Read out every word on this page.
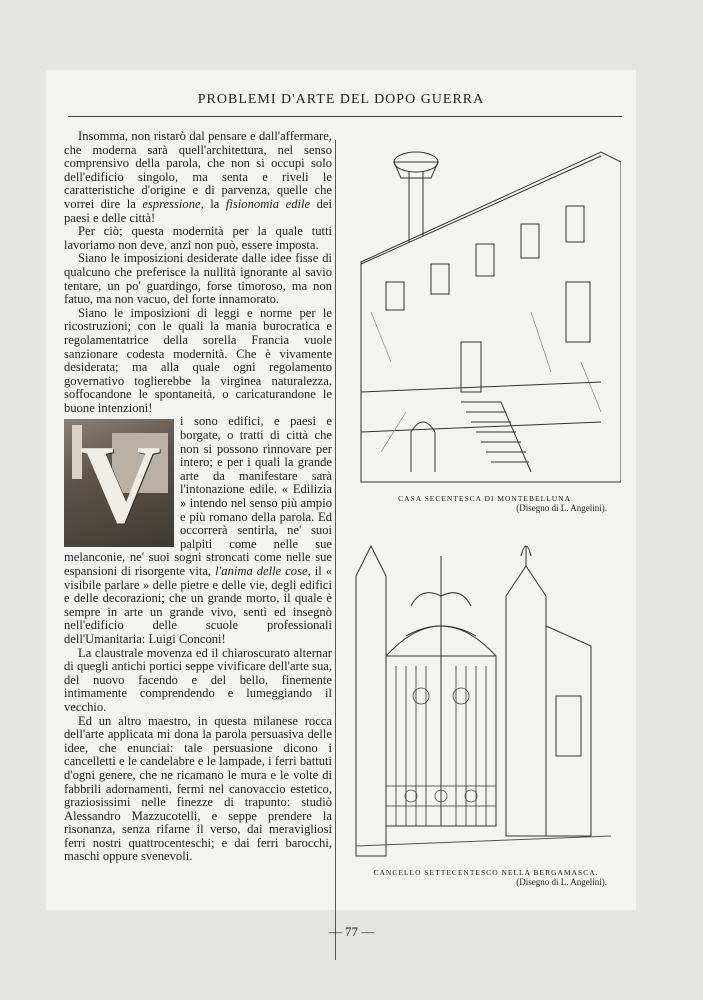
PROBLEMI D'ARTE DEL DOPO GUERRA

Insomma, non ristarò dal pensare e dall'affermare, che moderna sarà quell'architettura, nel senso comprensivo della parola, che non si occupi solo dell'edificio singolo, ma senta e riveli le caratteristiche d'origine e di parvenza, quelle che vorrei dire la espressione, la fisionomia edile dei paesi e delle città!

Per ciò; questa modernità per la quale tutti lavoriamo non deve, anzi non può, essere imposta.

Siano le imposizioni desiderate dalle idee fisse di qualcuno che preferisce la nullità ignorante al savio tentare, un po' guardingo, forse timoroso, ma non fatuo, ma non vacuo, del forte innamorato.

Siano le imposizioni di leggi e norme per le ricostruzioni; con le quali la mania burocratica e regolamentatrice della sorella Francia vuole sanzionare codesta modernità. Che è vivamente desiderata; ma alla quale ogni regolamento governativo toglierebbe la virginea naturalezza, soffocandone le spontaneità, o caricaturandone le buone intenzioni!

V

i sono edifici, e paesi e borgate, o tratti di città che non si possono rinnovare per intero; e per i quali la grande arte da manifestare sarà l'intonazione edile. « Edilizia » intendo nel senso più ampio e più romano della parola. Ed occorrerà sentirla, ne' suoi palpiti come nelle sue melanconie, ne' suoi sogni stroncati come nelle sue espansioni di risorgente vita, l'anima delle cose, il « visibile parlare » delle pietre e delle vie, degli edifici e delle decorazioni; che un grande morto, il quale è sempre in arte un grande vivo, sentì ed insegnò nell'edificio delle scuole professionali dell'Umanitaria: Luigi Conconi!

La claustrale movenza ed il chiaroscurato alternar di quegli antichi portici seppe vivificare dell'arte sua, del nuovo facendo e del bello, finemente intimamente comprendendo e lumeggiando il vecchio.

Ed un altro maestro, in questa milanese rocca dell'arte applicata mi dona la parola persuasiva delle idee, che enunciai: tale persuasione dicono i cancelletti e le candelabre e le lampade, i ferri battuti d'ogni genere, che ne ricamano le mura e le volte di fabbrili adornamenti, fermi nel canovaccio estetico, graziosissimi nelle finezze di trapunto: studiò Alessandro Mazzucotelli, e seppe prendere la risonanza, senza rifarne il verso, dai meravigliosi ferri nostri quattrocenteschi; e dai ferri barocchi, maschi oppure svenevoli.

CASA SECENTESCA DI MONTEBELLUNA.
(Disegno di L. Angelini).
CANCELLO SETTECENTESCO NELLA BERGAMASCA.
(Disegno di L. Angelini).
— 77 —
